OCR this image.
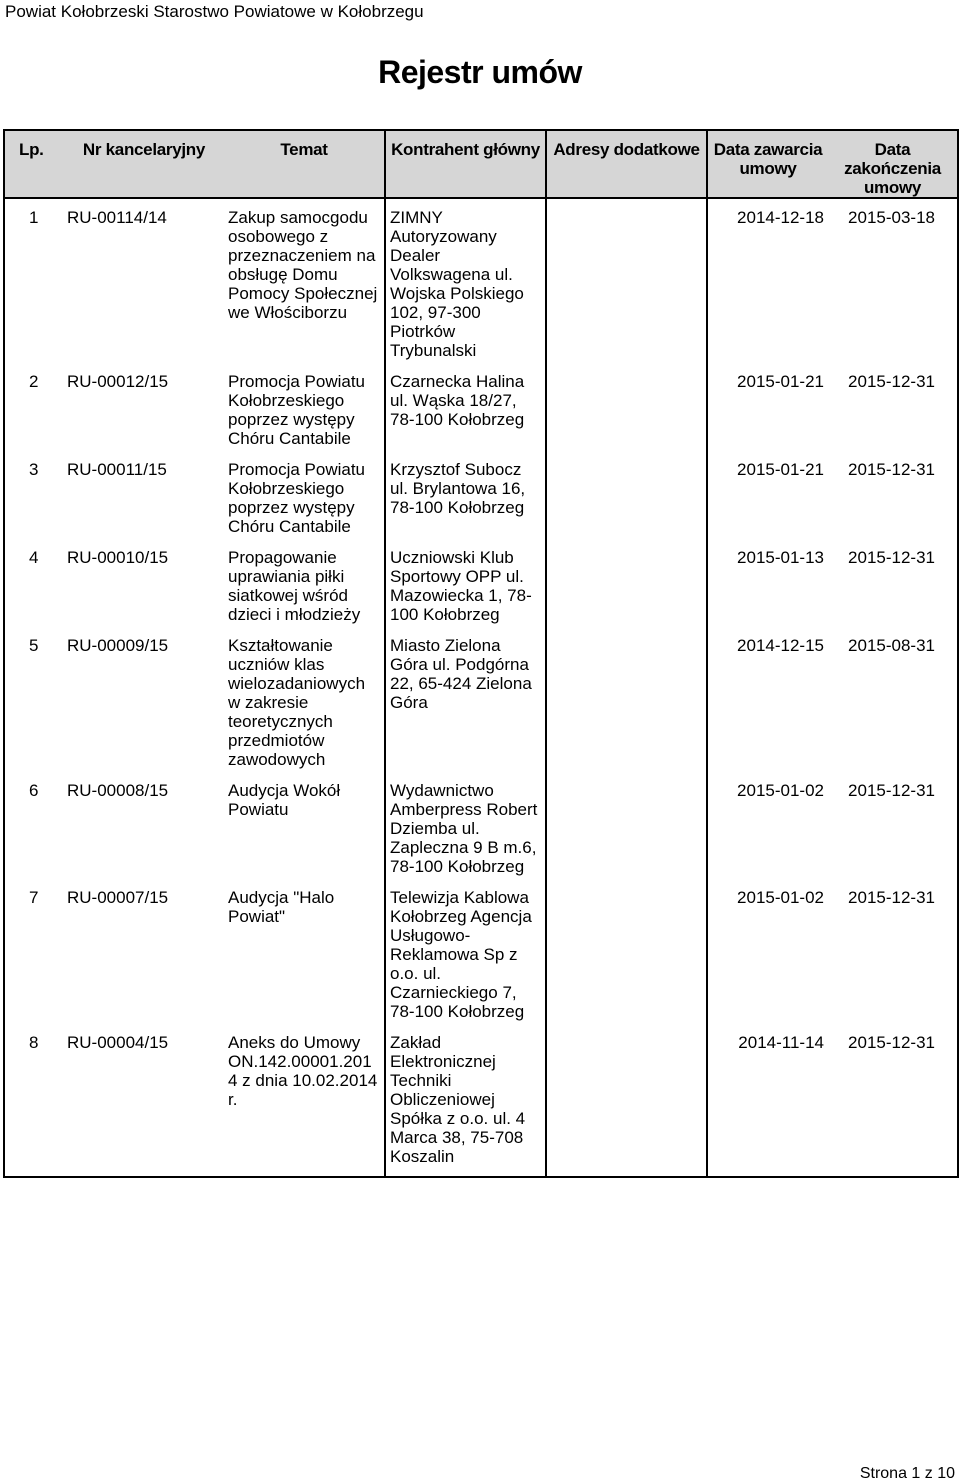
Powiat Kołobrzeski Starostwo Powiatowe w Kołobrzegu
Rejestr umów
Lp.	Nr kancelaryjny	Temat	Kontrahent główny	Adresy dodatkowe	Data zawarcia umowy	Data zakończenia umowy

1	RU-00114/14	Zakup samocgodu osobowego z przeznaczeniem na obsługę Domu Pomocy Społecznej we Włościborzu	ZIMNY Autoryzowany Dealer Volkswagena ul. Wojska Polskiego 102, 97-300 Piotrków Trybunalski		2014-12-18	2015-03-18
2	RU-00012/15	Promocja Powiatu Kołobrzeskiego poprzez występy Chóru Cantabile	Czarnecka Halina ul. Wąska 18/27, 78-100 Kołobrzeg		2015-01-21	2015-12-31
3	RU-00011/15	Promocja Powiatu Kołobrzeskiego poprzez występy Chóru Cantabile	Krzysztof Subocz ul. Brylantowa 16, 78-100 Kołobrzeg		2015-01-21	2015-12-31
4	RU-00010/15	Propagowanie uprawiania piłki siatkowej wśród dzieci i młodzieży	Uczniowski Klub Sportowy OPP ul. Mazowiecka 1, 78-100 Kołobrzeg		2015-01-13	2015-12-31
5	RU-00009/15	Kształtowanie uczniów klas wielozadaniowych w zakresie teoretycznych przedmiotów zawodowych	Miasto Zielona Góra ul. Podgórna 22, 65-424 Zielona Góra		2014-12-15	2015-08-31
6	RU-00008/15	Audycja Wokół Powiatu	Wydawnictwo Amberpress Robert Dziemba ul. Zapleczna 9 B m.6, 78-100 Kołobrzeg		2015-01-02	2015-12-31
7	RU-00007/15	Audycja "Halo Powiat"	Telewizja Kablowa Kołobrzeg Agencja Usługowo-Reklamowa Sp z o.o. ul. Czarnieckiego 7, 78-100 Kołobrzeg		2015-01-02	2015-12-31
8	RU-00004/15	Aneks do Umowy ON.142.00001.2014 z dnia 10.02.2014 r.	Zakład Elektronicznej Techniki Obliczeniowej Spółka z o.o. ul. 4 Marca 38, 75-708 Koszalin		2014-11-14	2015-12-31
Strona 1 z 10
